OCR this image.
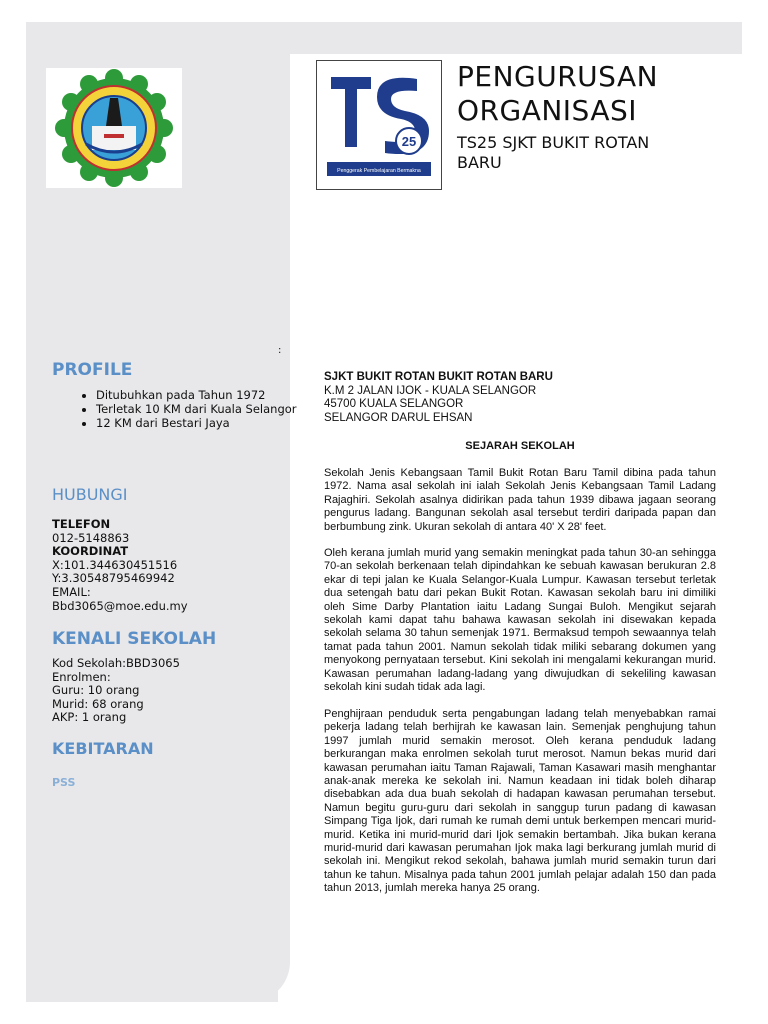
25
Penggerak Pembelajaran Bermakna
PENGURUSAN
ORGANISASI
TS25 SJKT BUKIT ROTAN
BARU
:
PROFILE
• Ditubuhkan pada Tahun 1972
• Terletak 10 KM dari Kuala Selangor
• 12 KM dari Bestari Jaya
HUBUNGI
TELEFON
012-5148863
KOORDINAT
X:101.344630451516
Y:3.30548795469942
EMAIL:
Bbd3065@moe.edu.my
KENALI SEKOLAH
Kod Sekolah:BBD3065
Enrolmen:
Guru: 10 orang
Murid: 68 orang
AKP: 1 orang
KEBITARAN
PSS
SJKT BUKIT ROTAN BUKIT ROTAN BARU
K.M 2 JALAN IJOK - KUALA SELANGOR
45700 KUALA SELANGOR
SELANGOR DARUL EHSAN
SEJARAH SEKOLAH
Sekolah Jenis Kebangsaan Tamil Bukit Rotan Baru Tamil dibina pada tahun 1972. Nama asal sekolah ini ialah Sekolah Jenis Kebangsaan Tamil Ladang Rajaghiri. Sekolah asalnya didirikan pada tahun 1939 dibawa jagaan seorang pengurus ladang. Bangunan sekolah asal tersebut terdiri daripada papan dan berbumbung zink. Ukuran sekolah di antara 40' X 28' feet.
Oleh kerana jumlah murid yang semakin meningkat pada tahun 30-an sehingga 70-an sekolah berkenaan telah dipindahkan ke sebuah kawasan berukuran 2.8 ekar di tepi jalan ke Kuala Selangor-Kuala Lumpur. Kawasan tersebut terletak dua setengah batu dari pekan Bukit Rotan. Kawasan sekolah baru ini dimiliki oleh Sime Darby Plantation iaitu Ladang Sungai Buloh. Mengikut sejarah sekolah kami dapat tahu bahawa kawasan sekolah ini disewakan kepada sekolah selama 30 tahun semenjak 1971. Bermaksud tempoh sewaannya telah tamat pada tahun 2001. Namun sekolah tidak miliki sebarang dokumen yang menyokong pernyataan tersebut. Kini sekolah ini mengalami kekurangan murid. Kawasan perumahan ladang-ladang yang diwujudkan di sekeliling kawasan sekolah kini sudah tidak ada lagi.
Penghijraan penduduk serta pengabungan ladang telah menyebabkan ramai pekerja ladang telah berhijrah ke kawasan lain. Semenjak penghujung tahun 1997 jumlah murid semakin merosot. Oleh kerana penduduk ladang berkurangan maka enrolmen sekolah turut merosot. Namun bekas murid dari kawasan perumahan iaitu Taman Rajawali, Taman Kasawari masih menghantar anak-anak mereka ke sekolah ini. Namun keadaan ini tidak boleh diharap disebabkan ada dua buah sekolah di hadapan kawasan perumahan tersebut. Namun begitu guru-guru dari sekolah in sanggup turun padang di kawasan Simpang Tiga Ijok, dari rumah ke rumah demi untuk berkempen mencari murid-murid. Ketika ini murid-murid dari Ijok semakin bertambah. Jika bukan kerana murid-murid dari kawasan perumahan Ijok maka lagi berkurang jumlah murid di sekolah ini. Mengikut rekod sekolah, bahawa jumlah murid semakin turun dari tahun ke tahun. Misalnya pada tahun 2001 jumlah pelajar adalah 150 dan pada tahun 2013, jumlah mereka hanya 25 orang.
